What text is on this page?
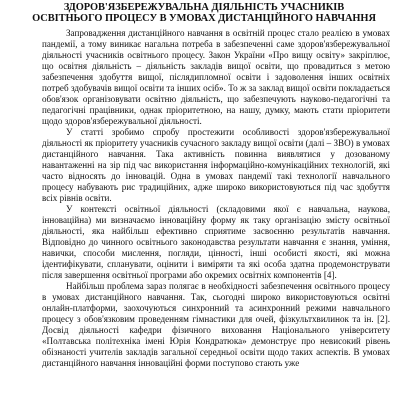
ЗДОРОВ'ЯЗБЕРЕЖУВАЛЬНА ДІЯЛЬНІСТЬ УЧАСНИКІВ
ОСВІТНЬОГО ПРОЦЕСУ В УМОВАХ ДИСТАНЦІЙНОГО НАВЧАННЯ

Запровадження дистанційного навчання в освітній процес стало реалією в умовах пандемії, а тому виникає нагальна потреба в забезпеченні саме здоров'язбережувальної діяльності учасників освітнього процесу. Закон України «Про вищу освіту» закріплює, що освітня діяльність – діяльність закладів вищої освіти, що провадиться з метою забезпечення здобуття вищої, післядипломної освіти і задоволення інших освітніх потреб здобувачів вищої освіти та інших осіб». То ж за заклад вищої освіти покладається обов'язок організовувати освітню діяльність, що забезпечують науково-педагогічні та педагогічні працівники, однак пріоритетною, на нашу, думку, мають стати пріоритети щодо здоров'язбережувальної діяльності.

У статті зробимо спробу простежити особливості здоров'язбережувальної діяльності як пріоритету учасників сучасного закладу вищої освіти (далі – ЗВО) в умовах дистанційного навчання. Така активність повинна виявлятися у дозованому навантаженні на зір під час використання інформаційно-комунікаційних технологій, які часто відносять до інновацій. Одна в умовах пандемії такі технології навчального процесу набувають рис традиційних, адже широко використовуються під час здобуття всіх рівнів освіти.

У контексті освітньої діяльності (складовими якої є навчальна, наукова, інноваційна) ми визначаємо інноваційну форму як таку організацію змісту освітньої діяльності, яка найбільш ефективно сприятиме засвоєнню результатів навчання. Відповідно до чинного освітнього законодавства результати навчання є знання, уміння, навички, способи мислення, погляди, цінності, інші особисті якості, які можна ідентифікувати, спланувати, оцінити і виміряти та які особа здатна продемонструвати після завершення освітньої програми або окремих освітніх компонентів [4].

Найбільш проблема зараз полягає в необхідності забезпечення освітнього процесу в умовах дистанційного навчання. Так, сьогодні широко використовуються освітні онлайн-платформи, заохочуються синхронний та асинхронний режими навчального процесу з обов'язковим проведенням гімнастики для очей, фізкультхвилинок та ін. [2]. Досвід діяльності кафедри фізичного виховання Національного університету «Полтавська політехніка імені Юрія Кондратюка» демонструє про невисокий рівень обізнаності учителів закладів загальної середньої освіти щодо таких аспектів. В умовах дистанційного навчання інноваційні форми поступово стають уже
